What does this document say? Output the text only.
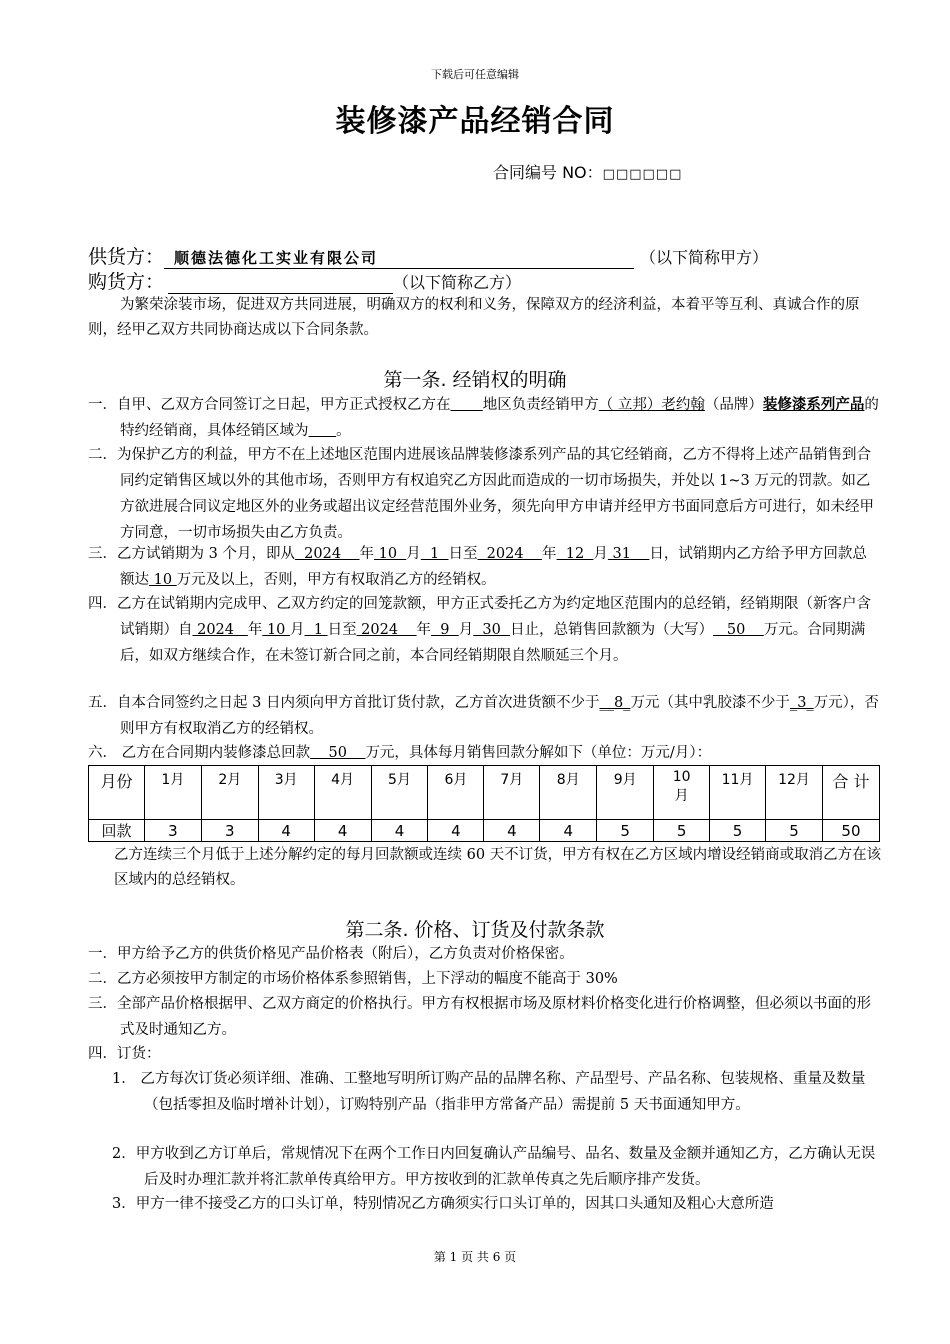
下载后可任意编辑
装修漆产品经销合同
合同编号 NO：□□□□□□
供货方： 顺德法德化工实业有限公司	（以下简称甲方）
购货方：	（以下简称乙方）
为繁荣涂装市场，促进双方共同进展，明确双方的权利和义务，保障双方的经济利益，本着平等互利、真诚合作的原则，经甲乙双方共同协商达成以下合同条款。
第一条. 经销权的明确
一．自甲、乙双方合同签订之日起，甲方正式授权乙方在 地区负责经销甲方（ 立邦）老约翰（品牌）装修漆系列产品的特约经销商，具体经销区域为 。
二．为保护乙方的利益，甲方不在上述地区范围内进展该品牌装修漆系列产品的其它经销商，乙方不得将上述产品销售到合同约定销售区域以外的其他市场，否则甲方有权追究乙方因此而造成的一切市场损失，并处以 1~3 万元的罚款。如乙方欲进展合同议定地区外的业务或超出议定经营范围外业务，须先向甲方申请并经甲方书面同意后方可进行，如未经甲方同意，一切市场损失由乙方负责。
三．乙方试销期为 3 个月，即从  2024    年 10  月  1  日至  2024    年  12  月 31    日，试销期内乙方给予甲方回款总额达 10 万元及以上，否则，甲方有权取消乙方的经销权。
四．乙方在试销期内完成甲、乙双方约定的回笼款额，甲方正式委托乙方为约定地区范围内的总经销，经销期限（新客户含试销期）自 2024   年 10 月  1 日至 2024    年  9  月  30  日止，总销售回款额为（大写）   50    万元。合同期满后，如双方继续合作，在未签订新合同之前，本合同经销期限自然顺延三个月。
五．自本合同签约之日起 3 日内须向甲方首批订货付款，乙方首次进货额不少于__8_万元（其中乳胶漆不少于_3_万元），否则甲方有权取消乙方的经销权。
六． 乙方在合同期内装修漆总回款    50    万元，具体每月销售回款分解如下（单位：万元/月）：
月份	1月	2月	3月	4月	5月	6月	7月	8月	9月	10月	11月	12月	合 计
回款	3	3	4	4	4	4	4	4	5	5	5	5	50
乙方连续三个月低于上述分解约定的每月回款额或连续 60 天不订货，甲方有权在乙方区域内增设经销商或取消乙方在该区域内的总经销权。
第二条. 价格、订货及付款条款
一．甲方给予乙方的供货价格见产品价格表（附后），乙方负责对价格保密。
二．乙方必须按甲方制定的市场价格体系参照销售，上下浮动的幅度不能高于 30%
三．全部产品价格根据甲、乙双方商定的价格执行。甲方有权根据市场及原材料价格变化进行价格调整，但必须以书面的形式及时通知乙方。
四．订货：
1． 乙方每次订货必须详细、准确、工整地写明所订购产品的品牌名称、产品型号、产品名称、包装规格、重量及数量（包括零担及临时增补计划），订购特别产品（指非甲方常备产品）需提前 5 天书面通知甲方。
2．甲方收到乙方订单后，常规情况下在两个工作日内回复确认产品编号、品名、数量及金额并通知乙方，乙方确认无误后及时办理汇款并将汇款单传真给甲方。甲方按收到的汇款单传真之先后顺序排产发货。
3．甲方一律不接受乙方的口头订单，特别情况乙方确须实行口头订单的，因其口头通知及粗心大意所造
第 1 页 共 6 页
